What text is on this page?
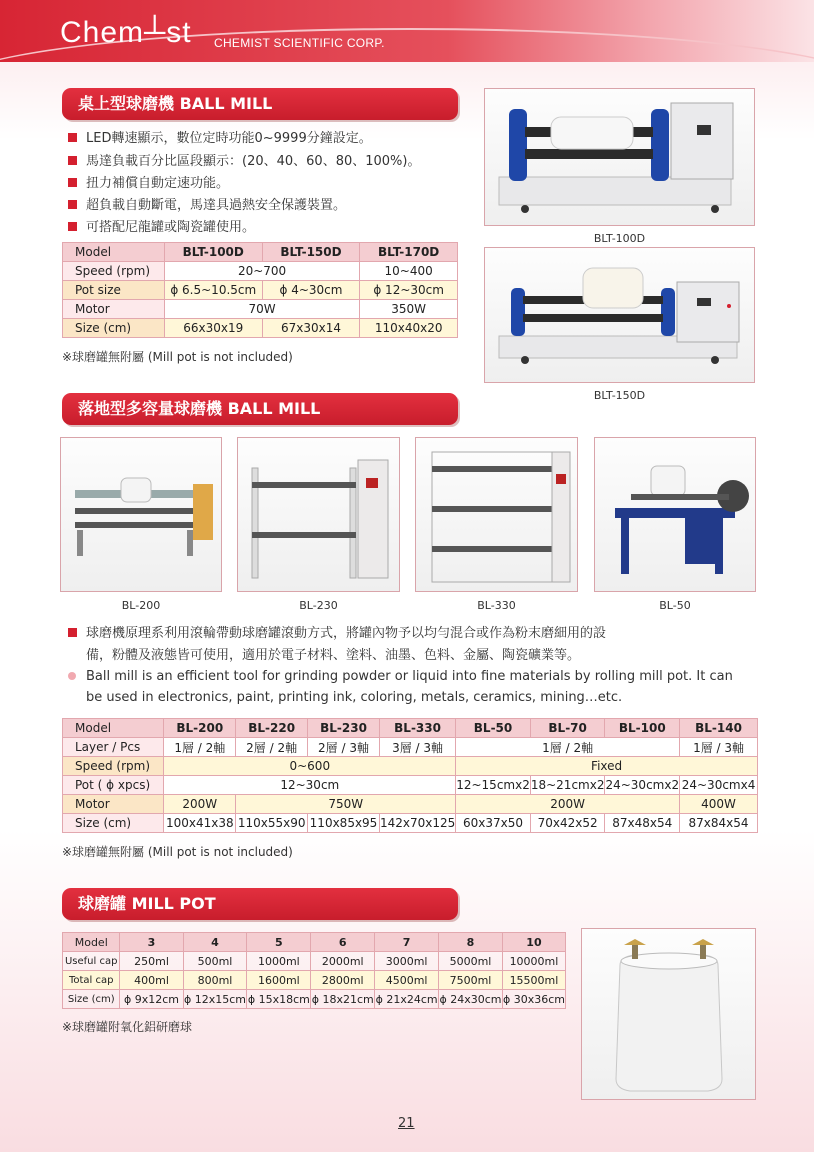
Chem┴st CHEMIST SCIENTIFIC CORP.
桌上型球磨機 BALL MILL
LED轉速顯示，數位定時功能0~9999分鐘設定。
馬達負載百分比區段顯示：(20、40、60、80、100%)。
扭力補償自動定速功能。
超負載自動斷電，馬達具過熱安全保護裝置。
可搭配尼龍罐或陶瓷罐使用。
Model	BLT-100D	BLT-150D	BLT-170D
Speed (rpm)	20~700		10~400
Pot size	ϕ 6.5~10.5cm	ϕ 4~30cm	ϕ 12~30cm
Motor	70W		350W
Size (cm)	66x30x19	67x30x14	110x40x20
※球磨罐無附屬 (Mill pot is not included)
BLT-100D
BLT-150D
落地型多容量球磨機 BALL MILL
BL-200	BL-230	BL-330	BL-50
球磨機原理系利用滾輪帶動球磨罐滾動方式，將罐內物予以均勻混合或作為粉末磨細用的設
備，粉體及液態皆可使用，適用於電子材料、塗料、油墨、色料、金屬、陶瓷礦業等。
Ball mill is an efficient tool for grinding powder or liquid into fine materials by rolling mill pot. It can
be used in electronics, paint, printing ink, coloring, metals, ceramics, mining…etc.
Model	BL-200	BL-220	BL-230	BL-330	BL-50	BL-70	BL-100	BL-140
Layer / Pcs	1層 / 2軸	2層 / 2軸	2層 / 3軸	3層 / 3軸	1層 / 2軸			1層 / 3軸
Speed (rpm)	0~600				Fixed			
Pot ( ϕ xpcs)	12~30cm				12~15cmx2	18~21cmx2	24~30cmx2	24~30cmx4
Motor	200W	750W			200W			400W
Size (cm)	100x41x38	110x55x90	110x85x95	142x70x125	60x37x50	70x42x52	87x48x54	87x84x54
※球磨罐無附屬 (Mill pot is not included)
球磨罐 MILL POT
Model	3	4	5	6	7	8	10
Useful cap	250ml	500ml	1000ml	2000ml	3000ml	5000ml	10000ml
Total cap	400ml	800ml	1600ml	2800ml	4500ml	7500ml	15500ml
Size (cm)	ϕ 9x12cm	ϕ 12x15cm	ϕ 15x18cm	ϕ 18x21cm	ϕ 21x24cm	ϕ 24x30cm	ϕ 30x36cm
※球磨罐附氧化鋁研磨球
21
